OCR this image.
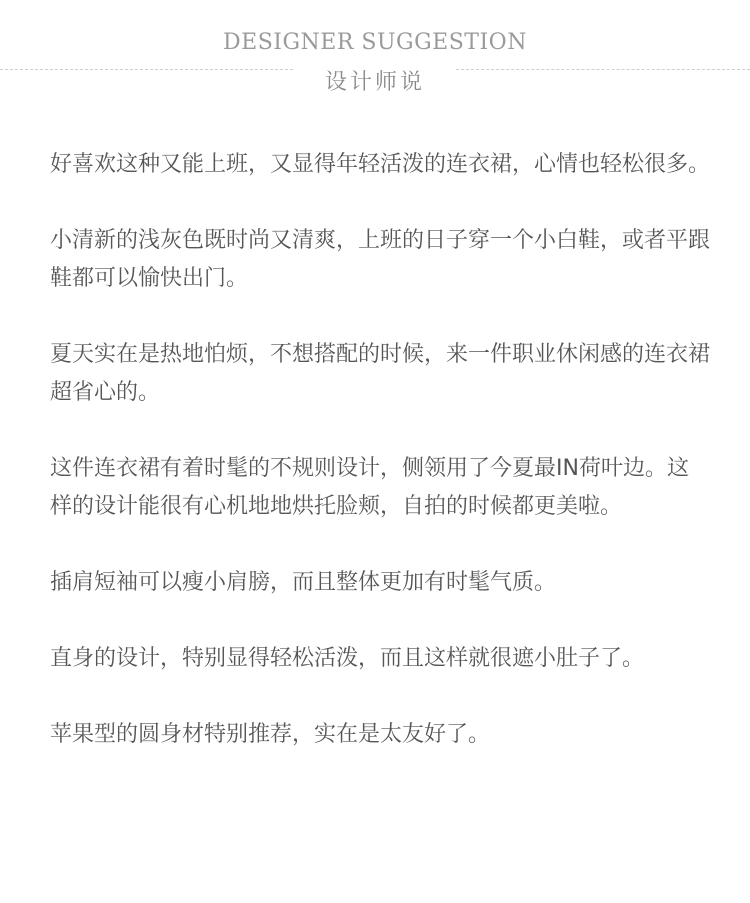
DESIGNER SUGGESTION
设计师说

好喜欢这种又能上班，又显得年轻活泼的连衣裙，心情也轻松很多。

小清新的浅灰色既时尚又清爽，上班的日子穿一个小白鞋，或者平跟鞋都可以愉快出门。

夏天实在是热地怕烦，不想搭配的时候，来一件职业休闲感的连衣裙超省心的。

这件连衣裙有着时髦的不规则设计，侧领用了今夏最IN荷叶边。这样的设计能很有心机地地烘托脸颊，自拍的时候都更美啦。

插肩短袖可以瘦小肩膀，而且整体更加有时髦气质。

直身的设计，特别显得轻松活泼，而且这样就很遮小肚子了。

苹果型的圆身材特别推荐，实在是太友好了。
